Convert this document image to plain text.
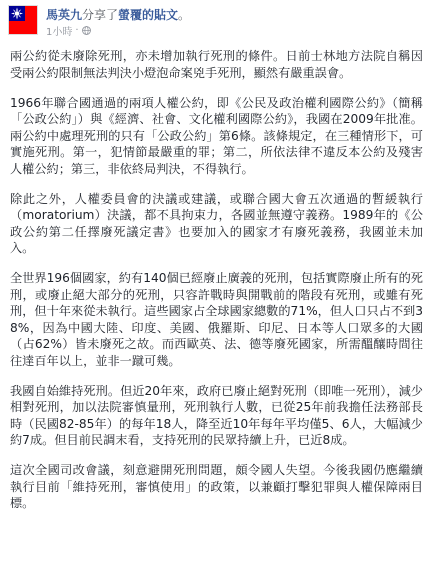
馬英九分享了螢覆的貼文。
1小時 ·

兩公約從未廢除死刑，亦未增加執行死刑的條件。日前士林地方法院自稱因受兩公約限制無法判決小燈泡命案兇手死刑，顯然有嚴重誤會。

1966年聯合國通過的兩項人權公約，即《公民及政治權利國際公約》（簡稱「公政公約」）與《經濟、社會、文化權利國際公約》，我國在2009年批准。兩公約中處理死刑的只有「公政公約」第6條。該條規定，在三種情形下，可實施死刑。第一，犯情節最嚴重的罪；第二，所依法律不違反本公約及殘害人權公約；第三，非依終局判決，不得執行。

除此之外，人權委員會的決議或建議，或聯合國大會五次通過的暫緩執行（moratorium）決議，都不具拘束力，各國並無遵守義務。1989年的《公政公約第二任擇廢死議定書》也要加入的國家才有廢死義務，我國並未加入。

全世界196個國家，約有140個已經廢止廣義的死刑，包括實際廢止所有的死刑，或廢止絕大部分的死刑，只容許戰時與開戰前的階段有死刑，或雖有死刑，但十年來從未執行。這些國家占全球國家總數的71%，但人口只占不到38%，因為中國大陸、印度、美國、俄羅斯、印尼、日本等人口眾多的大國（占62%）皆未廢死之故。而西歐英、法、德等廢死國家，所需醞釀時間往往達百年以上，並非一蹴可幾。

我國自始維持死刑。但近20年來，政府已廢止絕對死刑（即唯一死刑），減少相對死刑，加以法院審慎量刑，死刑執行人數，已從25年前我擔任法務部長時（民國82-85年）的每年18人，降至近10年每年平均僅5、6人，大幅減少約7成。但目前民調末看，支持死刑的民眾持續上升，已近8成。

這次全國司改會議，刻意避開死刑問題，頗令國人失望。今後我國仍應繼續執行目前「維持死刑，審慎使用」的政策，以兼顧打擊犯罪與人權保障兩目標。
